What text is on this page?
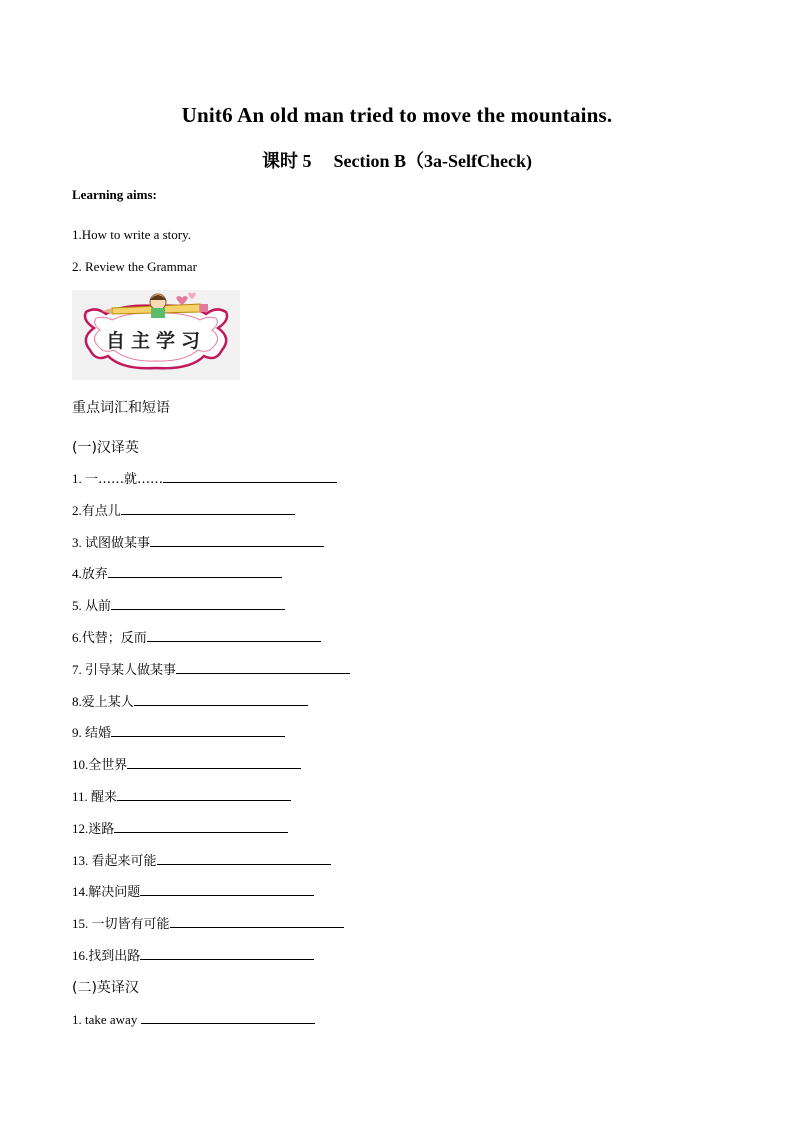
Unit6 An old man tried to move the mountains.
课时 5 Section B（3a-SelfCheck)
Learning aims:
1.How to write a story.
2. Review the Grammar
自主学习
重点词汇和短语
(一)汉译英
1. 一……就……
2.有点儿
3. 试图做某事
4.放弃
5. 从前
6.代替；反而
7. 引导某人做某事
8.爱上某人
9. 结婚
10.全世界
11. 醒来
12.迷路
13. 看起来可能
14.解决问题
15. 一切皆有可能
16.找到出路
(二)英译汉
1. take away
